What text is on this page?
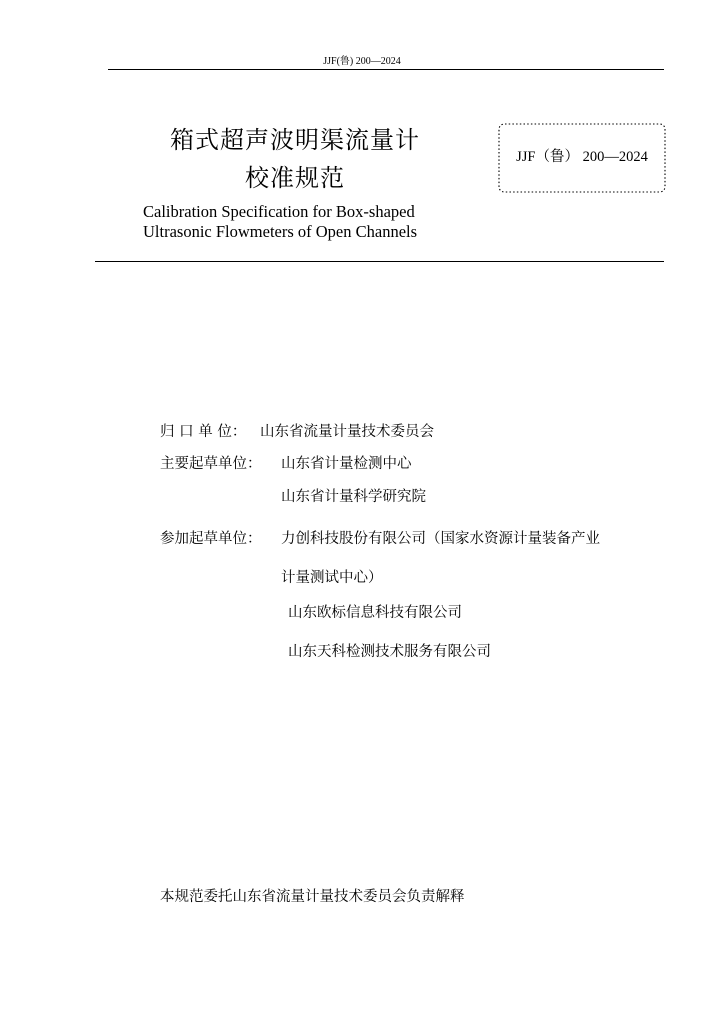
JJF(鲁) 200—2024
箱式超声波明渠流量计
校准规范
JJF（鲁） 200—2024
Calibration Specification for Box-shaped
Ultrasonic Flowmeters of Open Channels
归 口 单 位： 山东省流量计量技术委员会
主要起草单位： 山东省计量检测中心
山东省计量科学研究院
参加起草单位： 力创科技股份有限公司（国家水资源计量装备产业
计量测试中心）
山东欧标信息科技有限公司
山东天科检测技术服务有限公司
本规范委托山东省流量计量技术委员会负责解释
